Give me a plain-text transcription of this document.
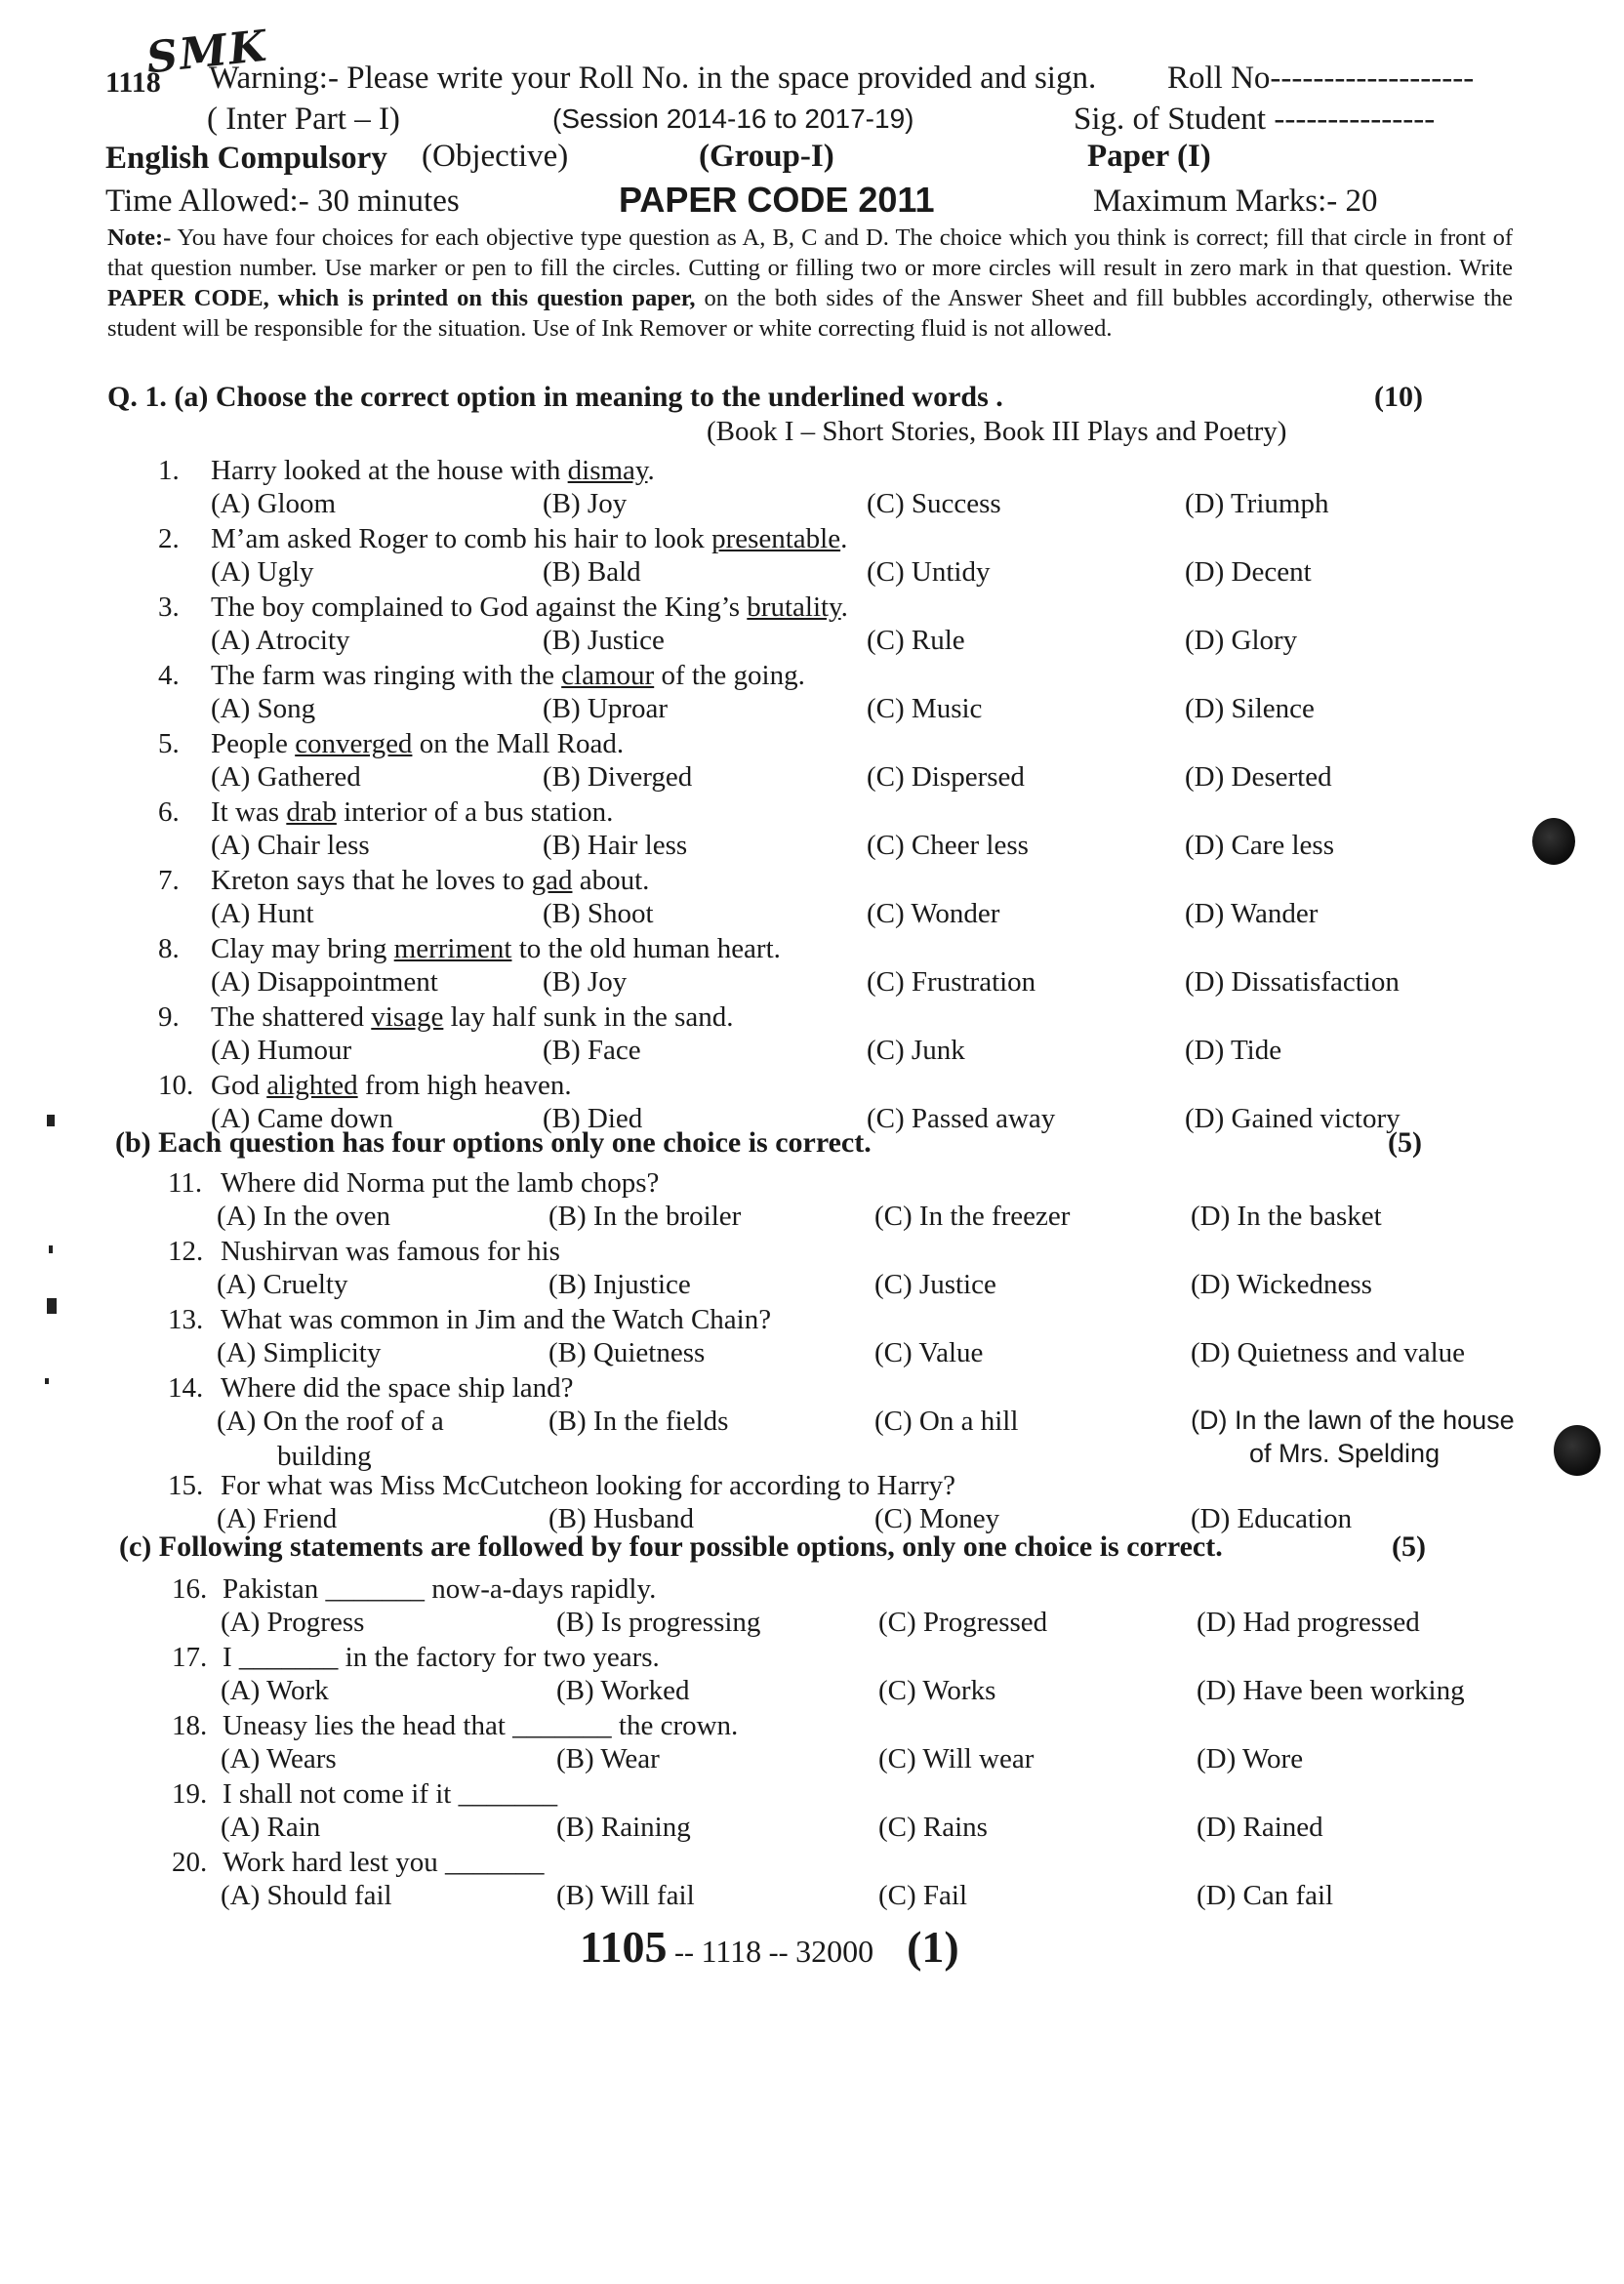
SMK
1118 Warning:- Please write your Roll No. in the space provided and sign. Roll No-------------------
( Inter Part – I)	(Session 2014-16 to 2017-19)	Sig. of Student ---------------
English Compulsory (Objective)	(Group-I)	Paper (I)
Time Allowed:- 30 minutes	PAPER CODE 2011	Maximum Marks:- 20
Note:- You have four choices for each objective type question as A, B, C and D. The choice which you think is correct; fill that circle in front of that question number. Use marker or pen to fill the circles. Cutting or filling two or more circles will result in zero mark in that question. Write PAPER CODE, which is printed on this question paper, on the both sides of the Answer Sheet and fill bubbles accordingly, otherwise the student will be responsible for the situation. Use of Ink Remover or white correcting fluid is not allowed.
Q. 1. (a) Choose the correct option in meaning to the underlined words .	(10)
(Book I – Short Stories, Book III Plays and Poetry)
(b) Each question has four options only one choice is correct.	(5)
(c) Following statements are followed by four possible options, only one choice is correct.	(5)
1. Harry looked at the house with dismay.
(A) Gloom	(B) Joy	(C) Success	(D) Triumph
2. M’am asked Roger to comb his hair to look presentable.
(A) Ugly	(B) Bald	(C) Untidy	(D) Decent
3. The boy complained to God against the King’s brutality.
(A) Atrocity	(B) Justice	(C) Rule	(D) Glory
4. The farm was ringing with the clamour of the going.
(A) Song	(B) Uproar	(C) Music	(D) Silence
5. People converged on the Mall Road.
(A) Gathered	(B) Diverged	(C) Dispersed	(D) Deserted
6. It was drab interior of a bus station.
(A) Chair less	(B) Hair less	(C) Cheer less	(D) Care less
7. Kreton says that he loves to gad about.
(A) Hunt	(B) Shoot	(C) Wonder	(D) Wander
8. Clay may bring merriment to the old human heart.
(A) Disappointment	(B) Joy	(C) Frustration	(D) Dissatisfaction
9. The shattered visage lay half sunk in the sand.
(A) Humour	(B) Face	(C) Junk	(D) Tide
10. God alighted from high heaven.
(A) Came down	(B) Died	(C) Passed away	(D) Gained victory
11. Where did Norma put the lamb chops?
(A) In the oven	(B) In the broiler	(C) In the freezer	(D) In the basket
12. Nushirvan was famous for his
(A) Cruelty	(B) Injustice	(C) Justice	(D) Wickedness
13. What was common in Jim and the Watch Chain?
(A) Simplicity	(B) Quietness	(C) Value	(D) Quietness and value
14. Where did the space ship land?
(A) On the roof of a	(B) In the fields	(C) On a hill	(D) In the lawn of the house
building	of Mrs. Spelding
15. For what was Miss McCutcheon looking for according to Harry?
(A) Friend	(B) Husband	(C) Money	(D) Education
16. Pakistan _______ now-a-days rapidly.
(A) Progress	(B) Is progressing	(C) Progressed	(D) Had progressed
17. I _______ in the factory for two years.
(A) Work	(B) Worked	(C) Works	(D) Have been working
18. Uneasy lies the head that _______ the crown.
(A) Wears	(B) Wear	(C) Will wear	(D) Wore
19. I shall not come if it _______
(A) Rain	(B) Raining	(C) Rains	(D) Rained
20. Work hard lest you _______
(A) Should fail	(B) Will fail	(C) Fail	(D) Can fail
1105 -- 1118 -- 32000 (1)
